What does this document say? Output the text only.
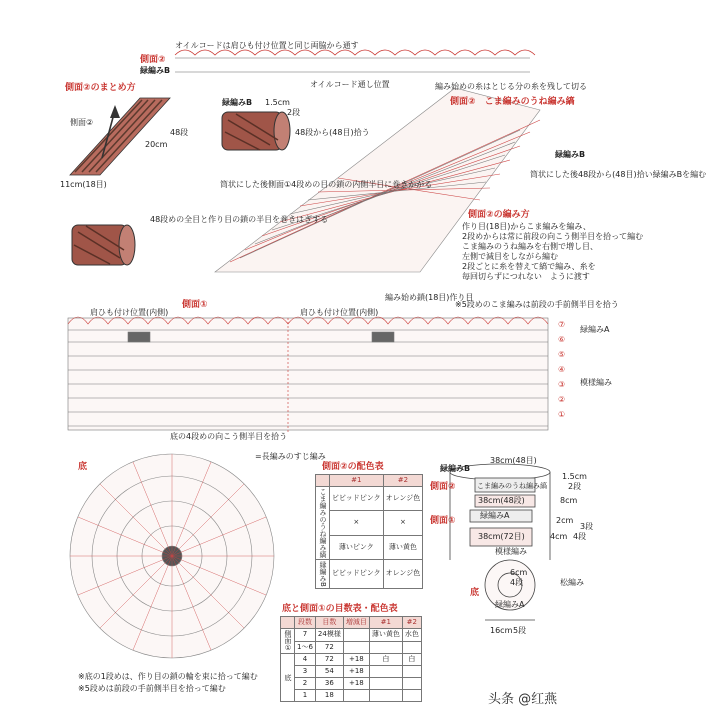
オイルコードは肩ひも付け位置と同じ両脇から通す
側面②
緑編みB
オイルコード通し位置	編み始めの糸はとじる分の糸を残して切る
側面②　こま編みのうね編み縞
側面②のまとめ方
側面②
48段
20cm
11cm(18目)
48段めの全目と作り目の鎖の半目を巻きはぎする
緑編みB 1.5cm
2段
48段から(48目)拾う
筒状にした後側面①4段めの目の鎖の内側半目に巻きかがる
緑編みB
筒状にした後48段から(48目)拾い緑編みBを編む
側面②の編み方
作り目(18目)からこま編みを編み、
2段めからは常に前段の向こう側半目を拾って編む
こま編みのうね編みを右側で増し目、
左側で減目をしながら編む
2段ごとに糸を替えて縞で編み、糸を
毎回切らずにつれない　ように渡す
編み始め鎖(18目)作り目
※5段めのこま編みは前段の手前側半目を拾う
側面①
肩ひも付け位置(内側)	肩ひも付け位置(内側)
緑編みA
模様編み
底の4段めの向こう側半目を拾う
⑦
⑥
⑤
④
③
②
①
底
=長編みのすじ編み
※底の1段めは、作り目の鎖の輪を束に拾って編む
※5段めは前段の手前側半目を拾って編む
側面②の配色表
	#1	#2
こま編みのうね編み縞	ビビッドピンク	オレンジ色
	×	×
	薄いピンク	薄い黄色
縁編みB	ビビッドピンク	オレンジ色
底と側面①の目数表・配色表
	段数	目数	増減目	#1	#2
側面①	7	24模様		薄い黄色	水色
	1〜6	72			
底	4	72	+18	白	白
	3	54	+18		
	2	36	+18		
	1	18			
緑編みB
38cm(48目)
1.5cm
2段
側面②	こま編みのうね編み縞
38cm(48段)	8cm
側面①
緑編みA
2cm
3段
38cm(72目)	4cm 4段
模様編み
6cm
4段
底
松編み
緑編みA
16cm 5段
头条 @红燕
